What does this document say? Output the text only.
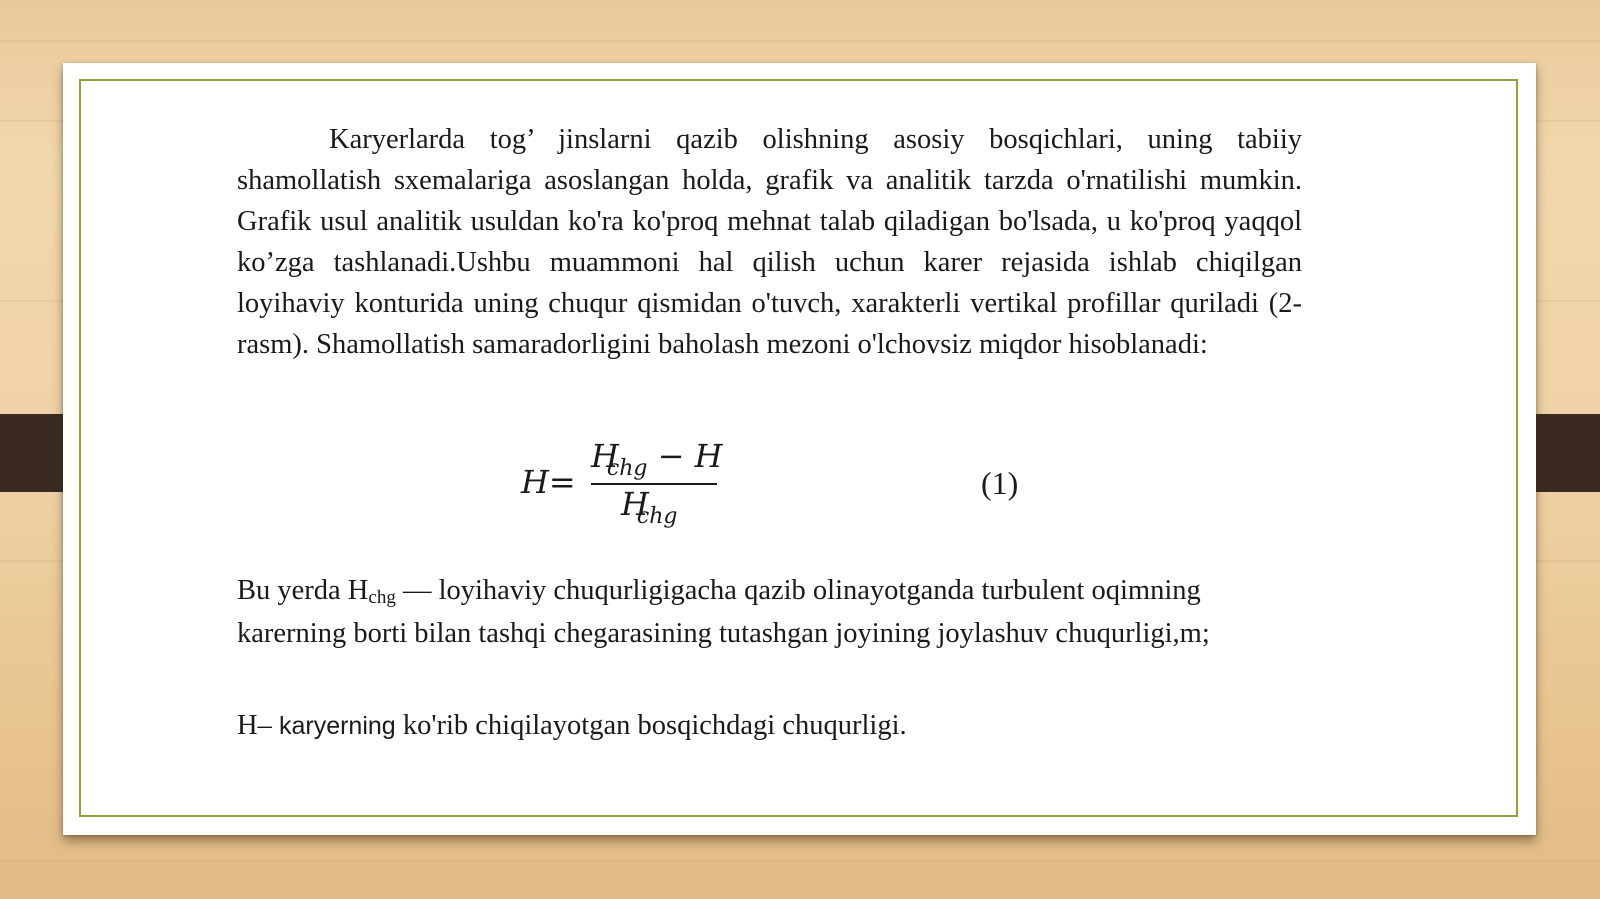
Karyerlarda tog’ jinslarni qazib olishning asosiy bosqichlari, uning tabiiy shamollatish sxemalariga asoslangan holda, grafik va analitik tarzda o'rnatilishi mumkin. Grafik usul analitik usuldan ko'ra ko'proq mehnat talab qiladigan bo'lsada, u ko'proq yaqqol ko’zga tashlanadi.Ushbu muammoni hal qilish uchun karer rejasida ishlab chiqilgan loyihaviy konturida uning chuqur qismidan o'tuvch, xarakterli vertikal profillar quriladi (2-rasm). Shamollatish samaradorligini baholash mezoni o'lchovsiz miqdor hisoblanadi:

H=
$H_{chg} - H$
$H_{chg}$
(1)

Bu yerda $H_{chg}$ — loyihaviy chuqurligigacha qazib olinayotganda turbulent oqimning karerning borti bilan tashqi chegarasining tutashgan joyining joylashuv chuqurligi,m;

H– karyerning ko'rib chiqilayotgan bosqichdagi chuqurligi.
